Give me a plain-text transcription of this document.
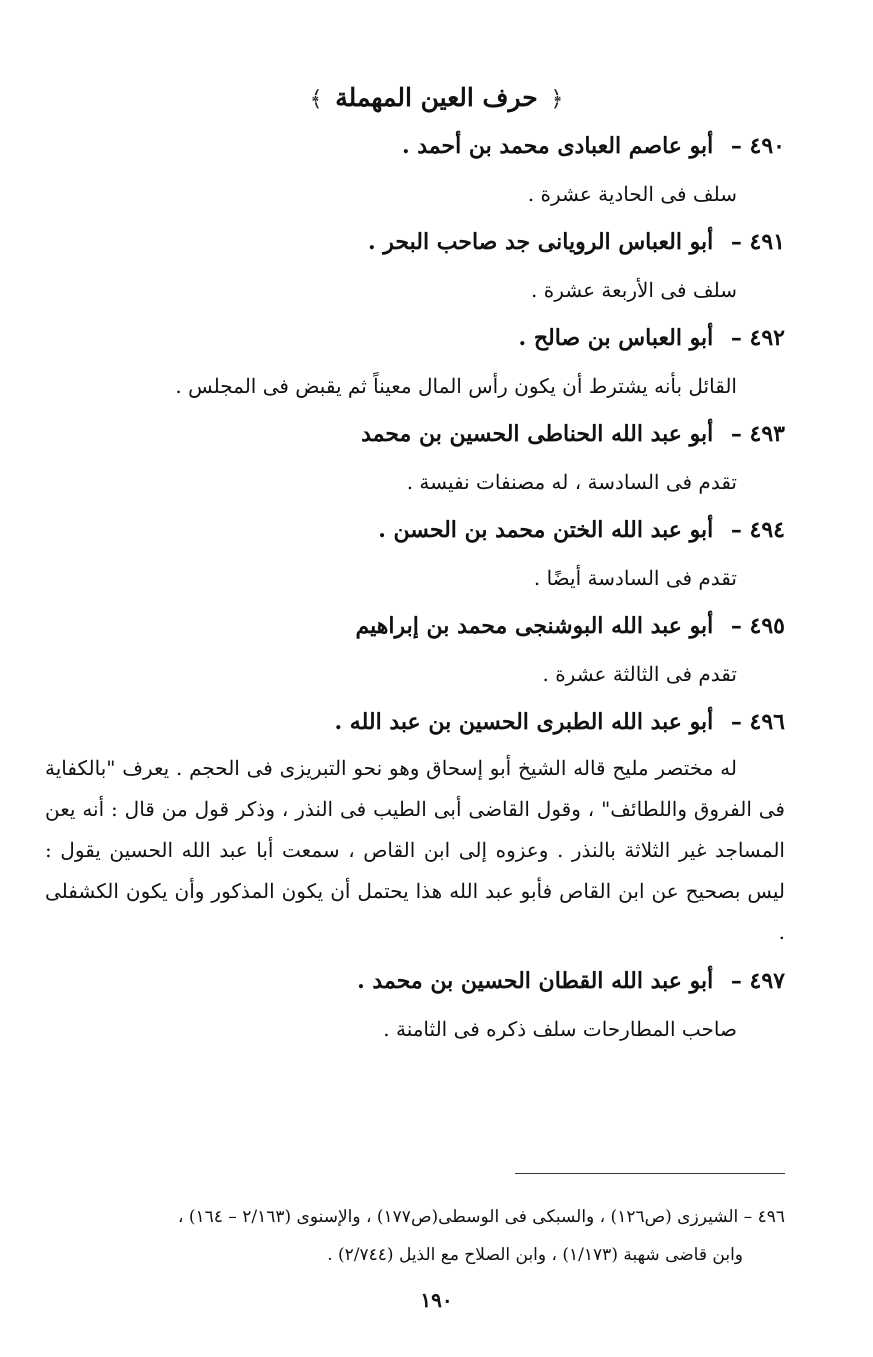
﴿ حرف العين المهملة ﴾
٤٩٠ – أبو عاصم العبادى محمد بن أحمد .
سلف فى الحادية عشرة .
٤٩١ – أبو العباس الرويانى جد صاحب البحر .
سلف فى الأربعة عشرة .
٤٩٢ – أبو العباس بن صالح .
القائل بأنه يشترط أن يكون رأس المال معيناً ثم يقبض فى المجلس .
٤٩٣ – أبو عبد الله الحناطى الحسين بن محمد
تقدم فى السادسة ، له مصنفات نفيسة .
٤٩٤ – أبو عبد الله الختن محمد بن الحسن .
تقدم فى السادسة أيضًا .
٤٩٥ – أبو عبد الله البوشنجى محمد بن إبراهيم
تقدم فى الثالثة عشرة .
٤٩٦ – أبو عبد الله الطبرى الحسين بن عبد الله .

له مختصر مليح قاله الشيخ أبو إسحاق وهو نحو التبريزى فى الحجم . يعرف "بالكفاية فى الفروق واللطائف" ، وقول القاضى أبى الطيب فى النذر ، وذكر قول من قال : أنه يعن المساجد غير الثلاثة بالنذر . وعزوه إلى ابن القاص ، سمعت أبا عبد الله الحسين يقول : ليس بصحيح عن ابن القاص فأبو عبد الله هذا يحتمل أن يكون المذكور وأن يكون الكشفلى .

٤٩٧ – أبو عبد الله القطان الحسين بن محمد .
صاحب المطارحات سلف ذكره فى الثامنة .

٤٩٦ – الشيرزى (ص١٢٦) ، والسبكى فى الوسطى(ص١٧٧) ، والإسنوى (٢/١٦٣ – ١٦٤) ،

وابن قاضى شهبة (١/١٧٣) ، وابن الصلاح مع الذيل (٢/٧٤٤) .

١٩٠
